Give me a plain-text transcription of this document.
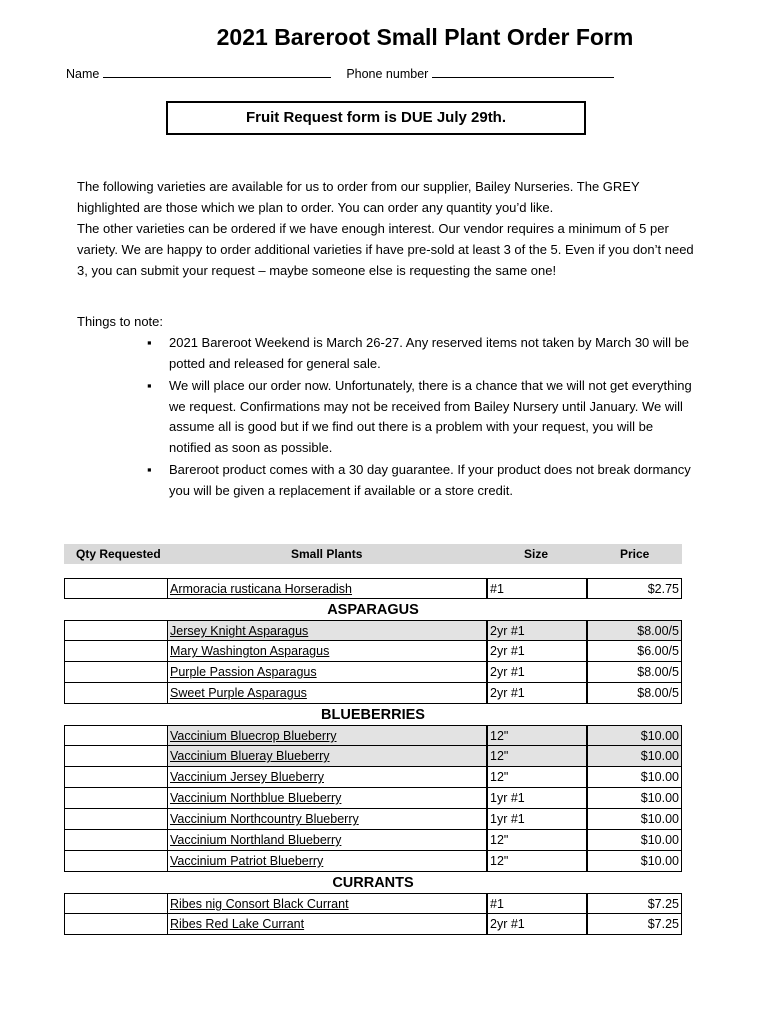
2021 Bareroot Small Plant Order Form
Name	Phone number
Fruit Request form is DUE July 29th.

The following varieties are available for us to order from our supplier, Bailey Nurseries. The GREY highlighted are those which we plan to order. You can order any quantity you’d like.

The other varieties can be ordered if we have enough interest. Our vendor requires a minimum of 5 per variety. We are happy to order additional varieties if have pre-sold at least 3 of the 5. Even if you don’t need 3, you can submit your request – maybe someone else is requesting the same one!

Things to note:
▪ 2021 Bareroot Weekend is March 26-27. Any reserved items not taken by March 30 will be potted and released for general sale.
▪ We will place our order now. Unfortunately, there is a chance that we will not get everything we request. Confirmations may not be received from Bailey Nursery until January. We will assume all is good but if we find out there is a problem with your request, you will be notified as soon as possible.
▪ Bareroot product comes with a 30 day guarantee. If your product does not break dormancy you will be given a replacement if available or a store credit.
Qty Requested	Small Plants	Size	Price
Armoracia rusticana Horseradish	#1	$2.75
ASPARAGUS
Jersey Knight Asparagus	2yr #1	$8.00/5
Mary Washington Asparagus	2yr #1	$6.00/5
Purple Passion Asparagus	2yr #1	$8.00/5
Sweet Purple Asparagus	2yr #1	$8.00/5
BLUEBERRIES
Vaccinium Bluecrop Blueberry	12"	$10.00
Vaccinium Blueray Blueberry	12"	$10.00
Vaccinium Jersey Blueberry	12"	$10.00
Vaccinium Northblue Blueberry	1yr #1	$10.00
Vaccinium Northcountry Blueberry	1yr #1	$10.00
Vaccinium Northland Blueberry	12"	$10.00
Vaccinium Patriot Blueberry	12"	$10.00
CURRANTS
Ribes nig Consort Black Currant	#1	$7.25
Ribes Red Lake Currant	2yr #1	$7.25
